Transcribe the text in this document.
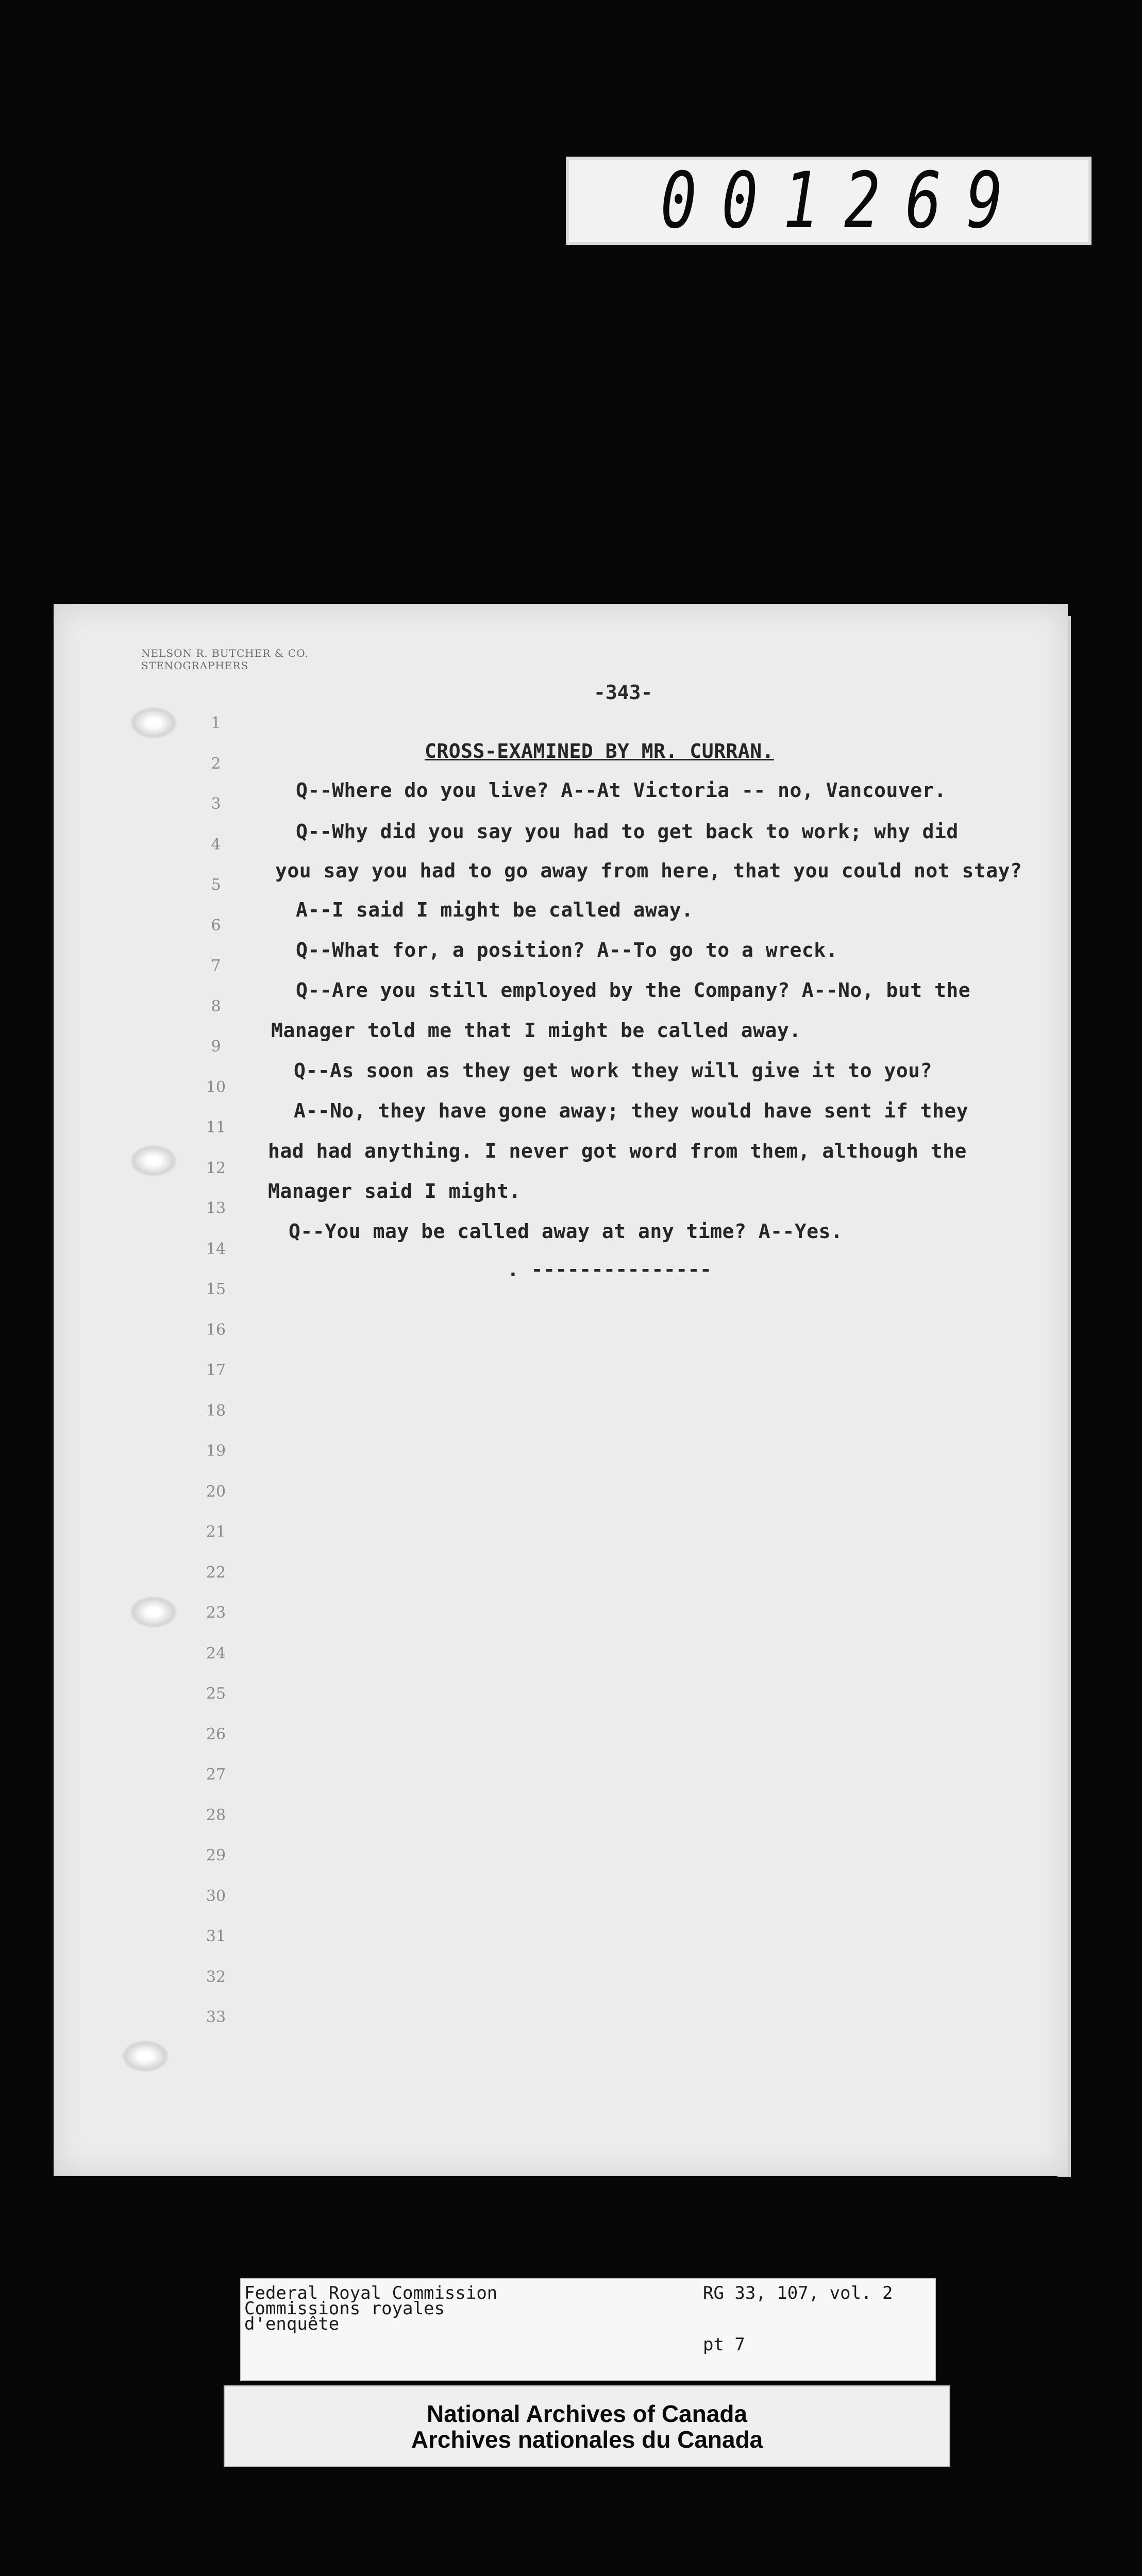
001269
NELSON R. BUTCHER & CO.
STENOGRAPHERS
-343-
1
2
3
4
5
6
7
8
9
10
11
12
13
14
15
16
17
18
19
20
21
22
23
24
25
26
27
28
29
30
31
32
33
CROSS-EXAMINED BY MR. CURRAN.
Q--Where do you live? A--At Victoria -- no, Vancouver.
Q--Why did you say you had to get back to work; why did
you say you had to go away from here, that you could not stay?
A--I said I might be called away.
Q--What for, a position? A--To go to a wreck.
Q--Are you still employed by the Company? A--No, but the
Manager told me that I might be called away.
Q--As soon as they get work they will give it to you?
A--No, they have gone away; they would have sent if they
had had anything. I never got word from them, although the
Manager said I might.
Q--You may be called away at any time? A--Yes.
. ---------------
Federal Royal Commission
Commissions royales
d'enquête
RG 33, 107, vol. 2
pt 7
National Archives of Canada
Archives nationales du Canada
